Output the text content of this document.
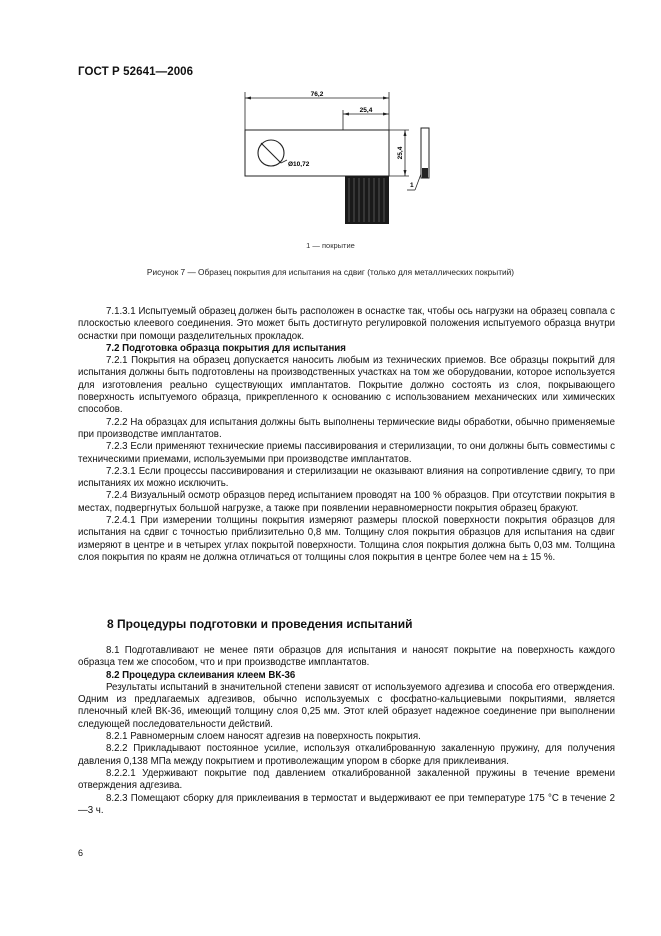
ГОСТ Р 52641—2006
76,2
25,4
Ø10,72
25,4
1
1 — покрытие
Рисунок 7 — Образец покрытия для испытания на сдвиг (только для металлических покрытий)

7.1.3.1 Испытуемый образец должен быть расположен в оснастке так, чтобы ось нагрузки на образец совпала с плоскостью клеевого соединения. Это может быть достигнуто регулировкой положения испытуемого образца внутри оснастки при помощи разделительных прокладок.

7.2 Подготовка образца покрытия для испытания

7.2.1 Покрытия на образец допускается наносить любым из технических приемов. Все образцы покрытий для испытания должны быть подготовлены на производственных участках на том же оборудовании, которое используется для изготовления реально существующих имплантатов. Покрытие должно состоять из слоя, покрывающего поверхность испытуемого образца, прикрепленного к основанию с использованием механических или химических способов.

7.2.2 На образцах для испытания должны быть выполнены термические виды обработки, обычно применяемые при производстве имплантатов.

7.2.3 Если применяют технические приемы пассивирования и стерилизации, то они должны быть совместимы с техническими приемами, используемыми при производстве имплантатов.

7.2.3.1 Если процессы пассивирования и стерилизации не оказывают влияния на сопротивление сдвигу, то при испытаниях их можно исключить.

7.2.4 Визуальный осмотр образцов перед испытанием проводят на 100 % образцов. При отсутствии покрытия в местах, подвергнутых большой нагрузке, а также при появлении неравномерности покрытия образец бракуют.

7.2.4.1 При измерении толщины покрытия измеряют размеры плоской поверхности покрытия образцов для испытания на сдвиг с точностью приблизительно 0,8 мм. Толщину слоя покрытия образцов для испытания на сдвиг измеряют в центре и в четырех углах покрытой поверхности. Толщина слоя покрытия должна быть 0,03 мм. Толщина слоя покрытия по краям не должна отличаться от толщины слоя покрытия в центре более чем на ± 15 %.

8 Процедуры подготовки и проведения испытаний

8.1 Подготавливают не менее пяти образцов для испытания и наносят покрытие на поверхность каждого образца тем же способом, что и при производстве имплантатов.

8.2 Процедура склеивания клеем ВК-36

Результаты испытаний в значительной степени зависят от используемого адгезива и способа его отверждения. Одним из предлагаемых адгезивов, обычно используемых с фосфатно-кальциевыми покрытиями, является пленочный клей ВК-36, имеющий толщину слоя 0,25 мм. Этот клей образует надежное соединение при выполнении следующей последовательности действий.

8.2.1 Равномерным слоем наносят адгезив на поверхность покрытия.

8.2.2 Прикладывают постоянное усилие, используя откалиброванную закаленную пружину, для получения давления 0,138 МПа между покрытием и противолежащим упором в сборке для приклеивания.

8.2.2.1 Удерживают покрытие под давлением откалиброванной закаленной пружины в течение времени отверждения адгезива.

8.2.3 Помещают сборку для приклеивания в термостат и выдерживают ее при температуре 175 °С в течение 2—3 ч.

6
